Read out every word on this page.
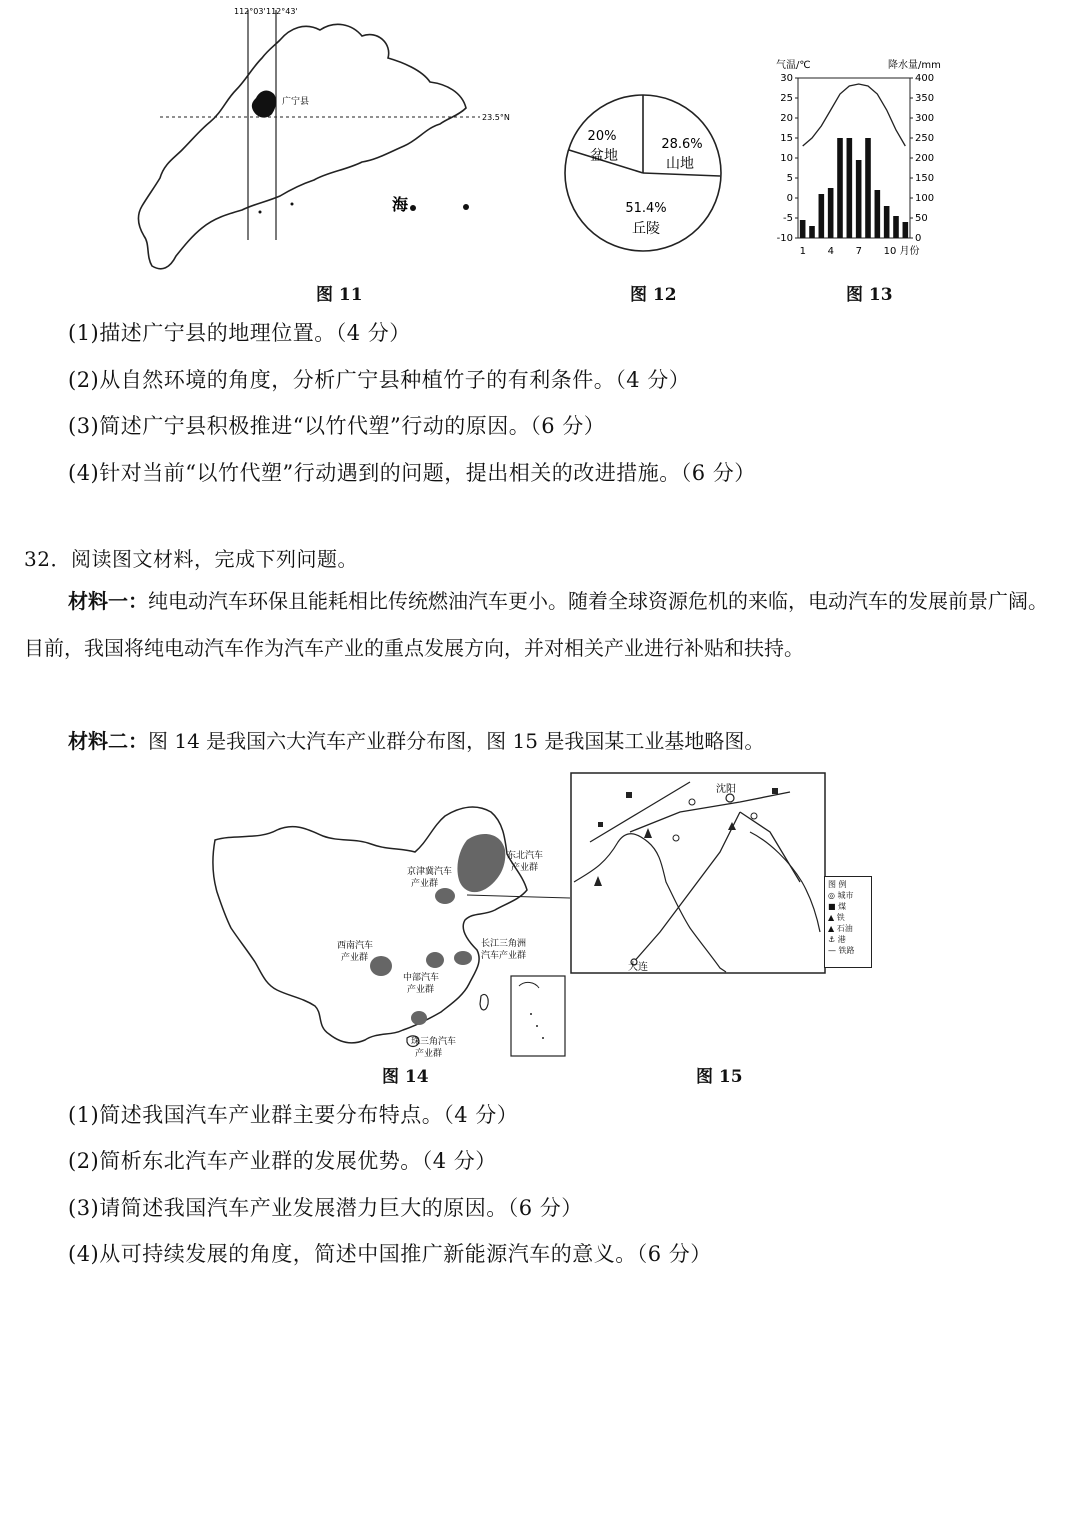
112°03' 112°43'
23.5°N
广宁县
海
图 11
20%
盆地
28.6%
山地
51.4%
丘陵
图 12
气温/℃	降水量/mm
30
25
20
15
10
5
0
-5
-10
400
350
300
250
200
150
100
50
0
1 4 7 10 月份
图 13
(1)描述广宁县的地理位置。（4 分）
(2)从自然环境的角度，分析广宁县种植竹子的有利条件。（4 分）
(3)简述广宁县积极推进“以竹代塑”行动的原因。（6 分）
(4)针对当前“以竹代塑”行动遇到的问题，提出相关的改进措施。（6 分）
32．阅读图文材料，完成下列问题。
材料一：纯电动汽车环保且能耗相比传统燃油汽车更小。随着全球资源危机的来临，电动汽车的发展前景广阔。目前，我国将纯电动汽车作为汽车产业的重点发展方向，并对相关产业进行补贴和扶持。
材料二：图 14 是我国六大汽车产业群分布图，图 15 是我国某工业基地略图。
东北汽车
产业群
京津冀汽车
产业群
西南汽车
产业群
中部汽车
产业群
长江三角洲
汽车产业群
珠三角汽车
产业群
图 14
沈阳
大连
图 例
◎ 城市
■ 煤
▲ 铁
▲ 石油
⚓ 港
— 铁路
图 15
(1)简述我国汽车产业群主要分布特点。（4 分）
(2)简析东北汽车产业群的发展优势。（4 分）
(3)请简述我国汽车产业发展潜力巨大的原因。（6 分）
(4)从可持续发展的角度，简述中国推广新能源汽车的意义。（6 分）
